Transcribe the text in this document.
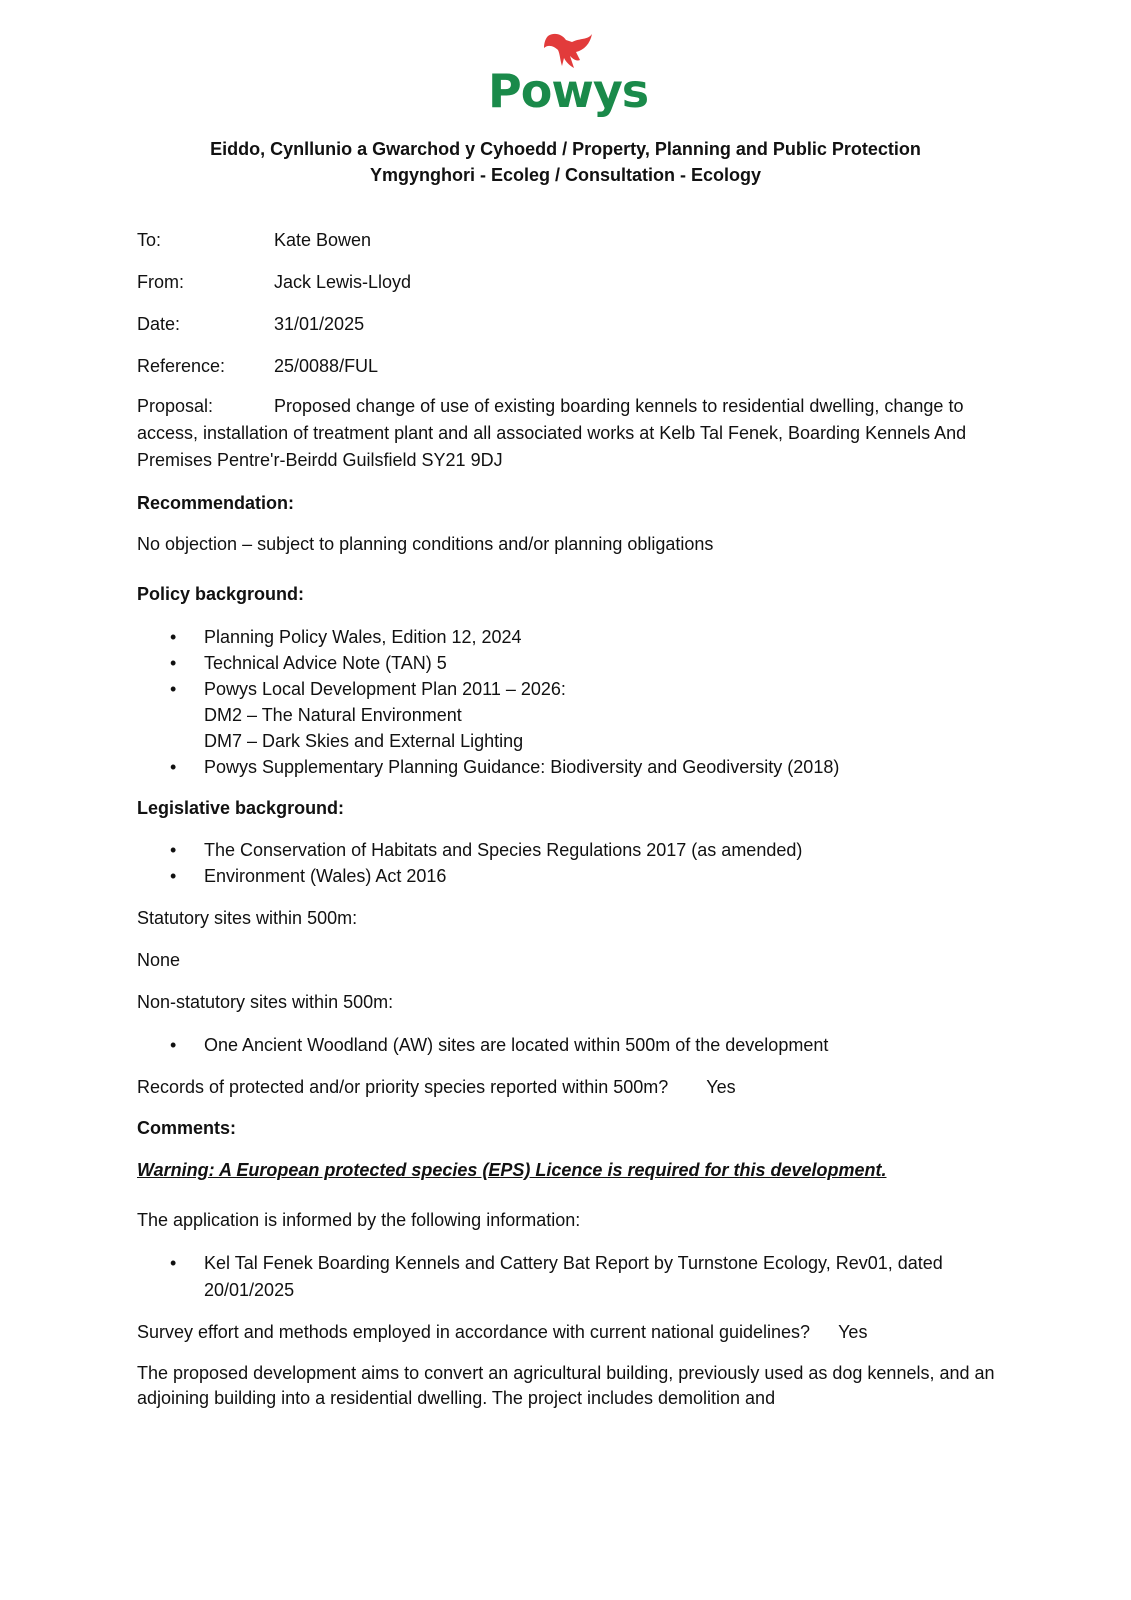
Powys
Eiddo, Cynllunio a Gwarchod y Cyhoedd / Property, Planning and Public Protection
Ymgynghori - Ecoleg / Consultation - Ecology
To:	Kate Bowen
From:	Jack Lewis-Lloyd
Date:	31/01/2025
Reference:	25/0088/FUL
Proposal:	Proposed change of use of existing boarding kennels to residential dwelling, change to access, installation of treatment plant and all associated works at Kelb Tal Fenek, Boarding Kennels And Premises Pentre'r-Beirdd Guilsfield SY21 9DJ
Recommendation:
No objection – subject to planning conditions and/or planning obligations
Policy background:
• Planning Policy Wales, Edition 12, 2024
• Technical Advice Note (TAN) 5
• Powys Local Development Plan 2011 – 2026:
DM2 – The Natural Environment
DM7 – Dark Skies and External Lighting
• Powys Supplementary Planning Guidance: Biodiversity and Geodiversity (2018)
Legislative background:
• The Conservation of Habitats and Species Regulations 2017 (as amended)
• Environment (Wales) Act 2016
Statutory sites within 500m:
None
Non-statutory sites within 500m:
• One Ancient Woodland (AW) sites are located within 500m of the development
Records of protected and/or priority species reported within 500m? Yes
Comments:
Warning: A European protected species (EPS) Licence is required for this development.
The application is informed by the following information:
• Kel Tal Fenek Boarding Kennels and Cattery Bat Report by Turnstone Ecology, Rev01, dated 20/01/2025
Survey effort and methods employed in accordance with current national guidelines? Yes
The proposed development aims to convert an agricultural building, previously used as dog kennels, and an adjoining building into a residential dwelling. The project includes demolition and
